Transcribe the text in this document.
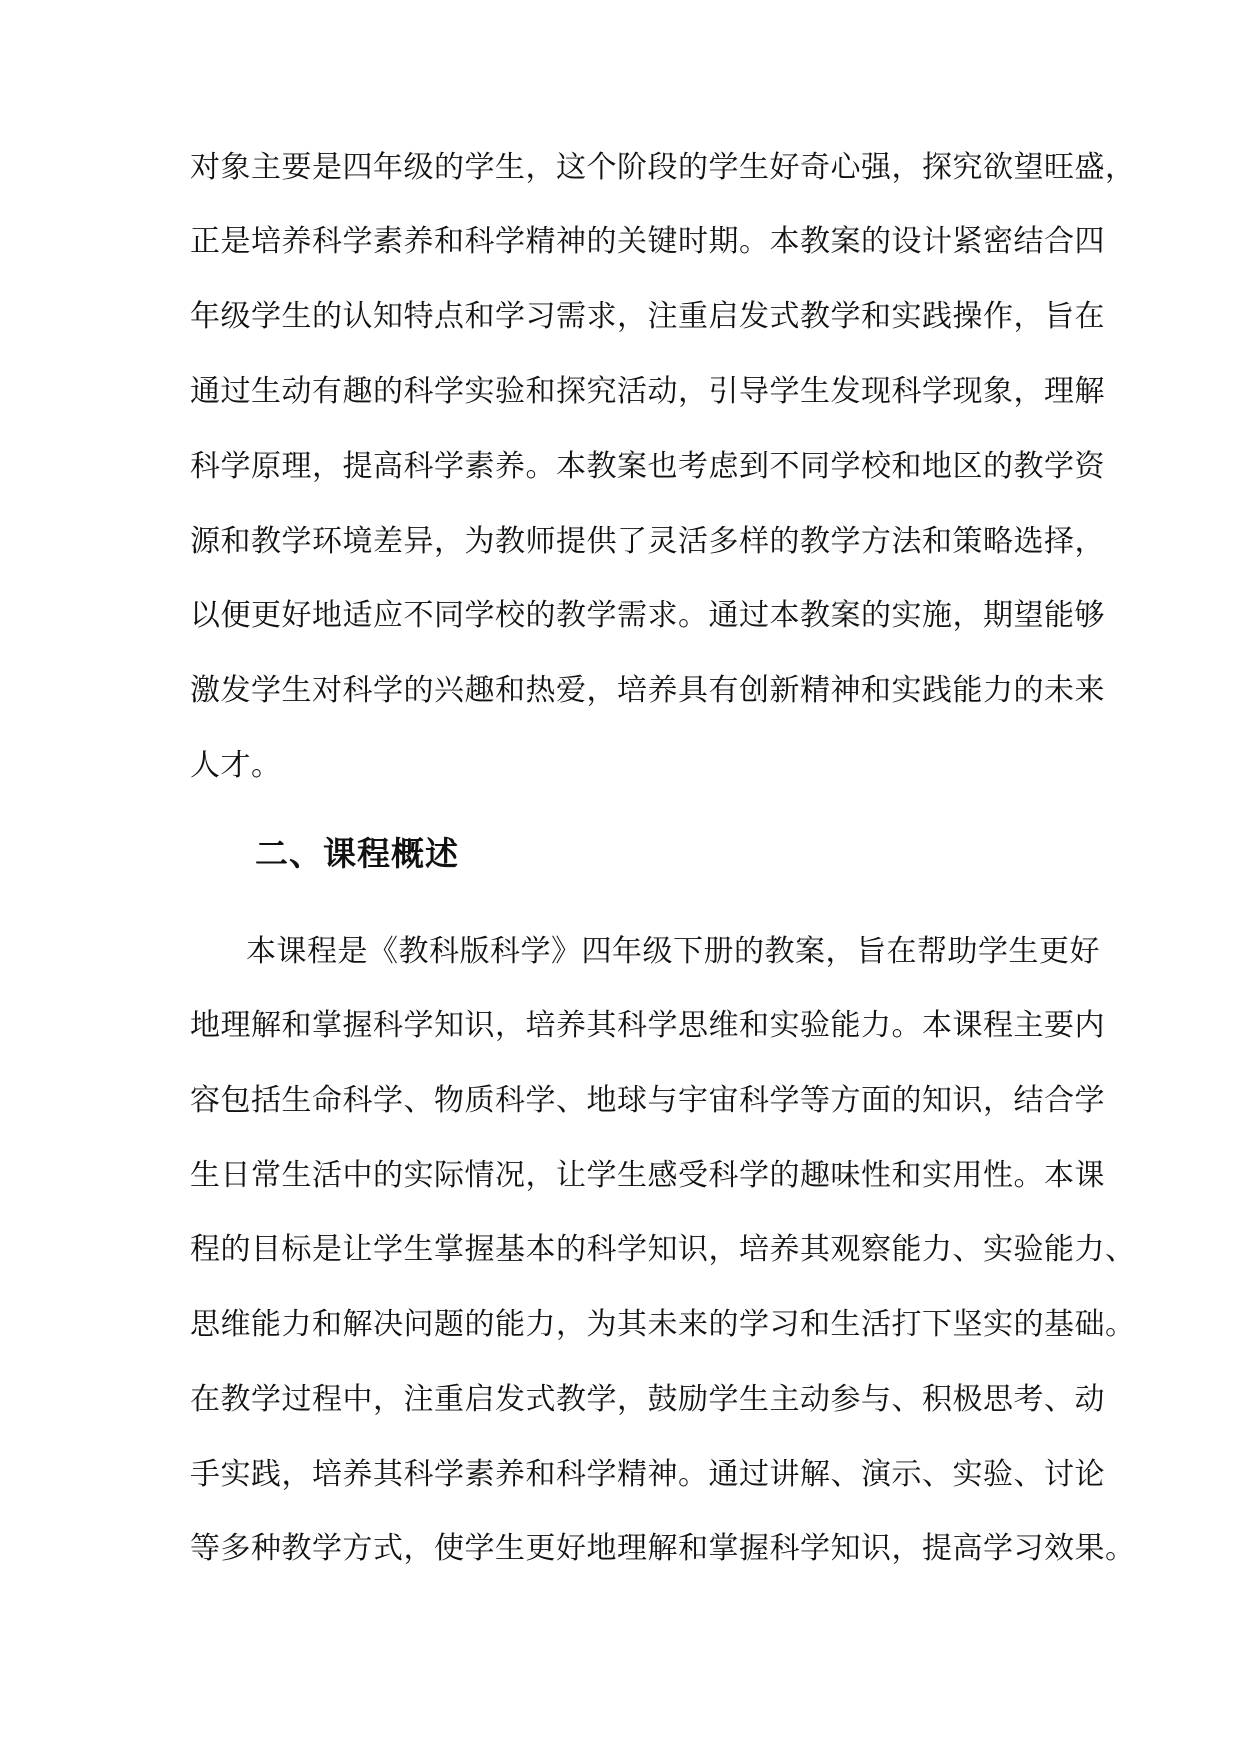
对象主要是四年级的学生，这个阶段的学生好奇心强，探究欲望旺盛，
正是培养科学素养和科学精神的关键时期。本教案的设计紧密结合四
年级学生的认知特点和学习需求，注重启发式教学和实践操作，旨在
通过生动有趣的科学实验和探究活动，引导学生发现科学现象，理解
科学原理，提高科学素养。本教案也考虑到不同学校和地区的教学资
源和教学环境差异，为教师提供了灵活多样的教学方法和策略选择，
以便更好地适应不同学校的教学需求。通过本教案的实施，期望能够
激发学生对科学的兴趣和热爱，培养具有创新精神和实践能力的未来
人才。
二、课程概述
本课程是《教科版科学》四年级下册的教案，旨在帮助学生更好
地理解和掌握科学知识，培养其科学思维和实验能力。本课程主要内
容包括生命科学、物质科学、地球与宇宙科学等方面的知识，结合学
生日常生活中的实际情况，让学生感受科学的趣味性和实用性。本课
程的目标是让学生掌握基本的科学知识，培养其观察能力、实验能力、
思维能力和解决问题的能力，为其未来的学习和生活打下坚实的基础。
在教学过程中，注重启发式教学，鼓励学生主动参与、积极思考、动
手实践，培养其科学素养和科学精神。通过讲解、演示、实验、讨论
等多种教学方式，使学生更好地理解和掌握科学知识，提高学习效果。
